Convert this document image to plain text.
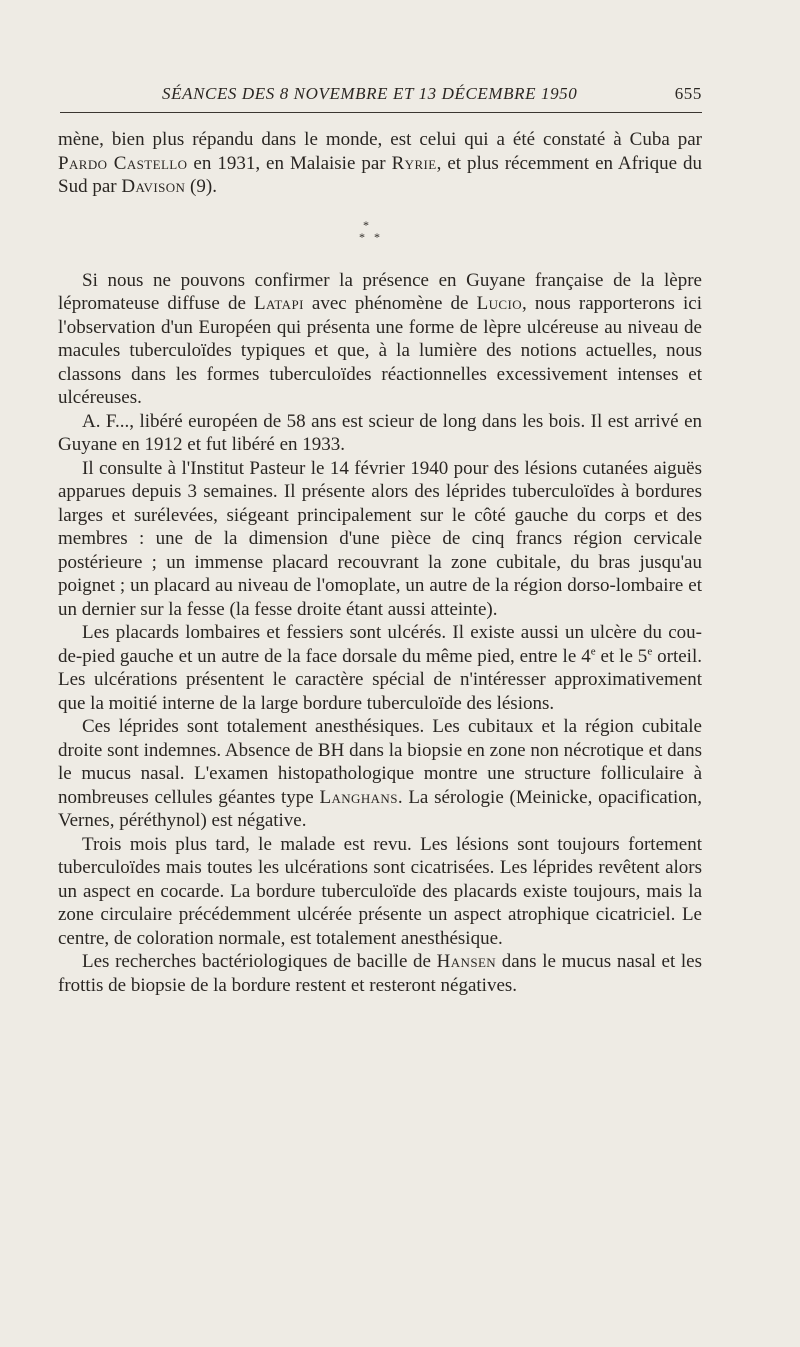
SÉANCES DES 8 NOVEMBRE ET 13 DÉCEMBRE 1950	655

mène, bien plus répandu dans le monde, est celui qui a été constaté à Cuba par Pardo Castello en 1931, en Malaisie par Ryrie, et plus récemment en Afrique du Sud par Davison (9).

*
* *

Si nous ne pouvons confirmer la présence en Guyane française de la lèpre lépromateuse diffuse de Latapi avec phénomène de Lucio, nous rapporterons ici l'observation d'un Européen qui présenta une forme de lèpre ulcéreuse au niveau de macules tuberculoïdes typiques et que, à la lumière des notions actuelles, nous classons dans les formes tuberculoïdes réactionnelles excessivement intenses et ulcéreuses.

A. F..., libéré européen de 58 ans est scieur de long dans les bois. Il est arrivé en Guyane en 1912 et fut libéré en 1933.

Il consulte à l'Institut Pasteur le 14 février 1940 pour des lésions cutanées aiguës apparues depuis 3 semaines. Il présente alors des léprides tuberculoïdes à bordures larges et surélevées, siégeant principalement sur le côté gauche du corps et des membres : une de la dimension d'une pièce de cinq francs région cervicale postérieure ; un immense placard recouvrant la zone cubitale, du bras jusqu'au poignet ; un placard au niveau de l'omoplate, un autre de la région dorso-lombaire et un dernier sur la fesse (la fesse droite étant aussi atteinte).

Les placards lombaires et fessiers sont ulcérés. Il existe aussi un ulcère du cou-de-pied gauche et un autre de la face dorsale du même pied, entre le 4e et le 5e orteil. Les ulcérations présentent le caractère spécial de n'intéresser approximativement que la moitié interne de la large bordure tuberculoïde des lésions.

Ces léprides sont totalement anesthésiques. Les cubitaux et la région cubitale droite sont indemnes. Absence de BH dans la biopsie en zone non nécrotique et dans le mucus nasal. L'examen histopathologique montre une structure folliculaire à nombreuses cellules géantes type Langhans. La sérologie (Meinicke, opacification, Vernes, péréthynol) est négative.

Trois mois plus tard, le malade est revu. Les lésions sont toujours fortement tuberculoïdes mais toutes les ulcérations sont cicatrisées. Les léprides revêtent alors un aspect en cocarde. La bordure tuberculoïde des placards existe toujours, mais la zone circulaire précédemment ulcérée présente un aspect atrophique cicatriciel. Le centre, de coloration normale, est totalement anesthésique.

Les recherches bactériologiques de bacille de Hansen dans le mucus nasal et les frottis de biopsie de la bordure restent et resteront négatives.
